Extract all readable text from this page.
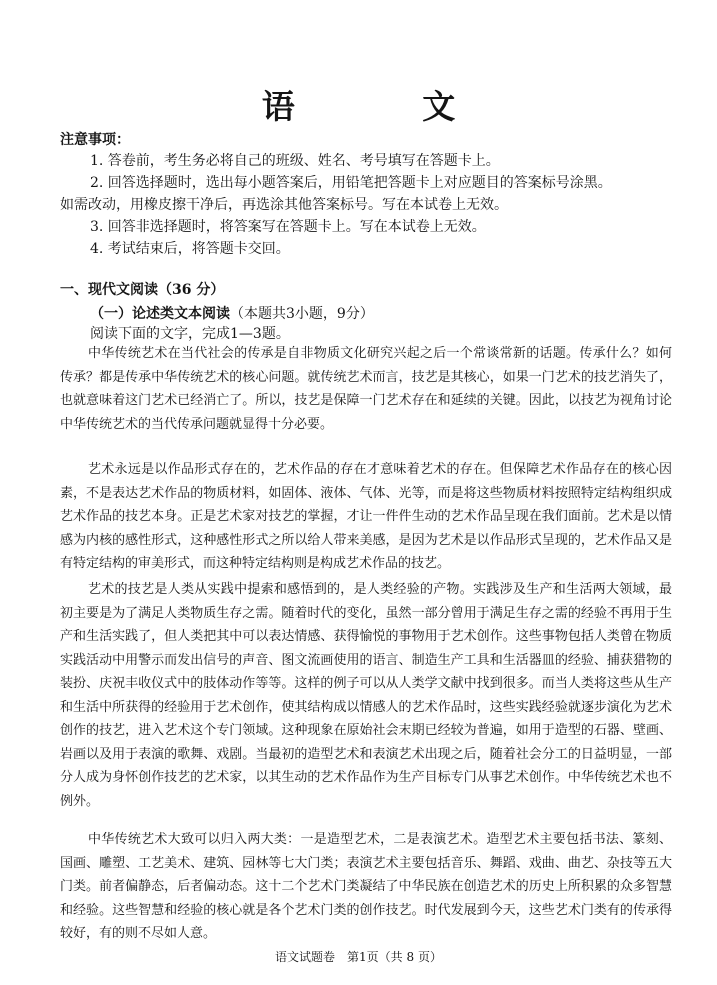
语 文
注意事项：
1. 答卷前，考生务必将自己的班级、姓名、考号填写在答题卡上。
2. 回答选择题时，选出每小题答案后，用铅笔把答题卡上对应题目的答案标号涂黑。
如需改动，用橡皮擦干净后，再选涂其他答案标号。写在本试卷上无效。
3. 回答非选择题时，将答案写在答题卡上。写在本试卷上无效。
4. 考试结束后，将答题卡交回。
一、现代文阅读（36 分）
（一）论述类文本阅读（本题共3小题，9分）
阅读下面的文字，完成1—3题。

中华传统艺术在当代社会的传承是自非物质文化研究兴起之后一个常谈常新的话题。传承什么？如何传承？都是传承中华传统艺术的核心问题。就传统艺术而言，技艺是其核心，如果一门艺术的技艺消失了，也就意味着这门艺术已经消亡了。所以，技艺是保障一门艺术存在和延续的关键。因此，以技艺为视角讨论中华传统艺术的当代传承问题就显得十分必要。

艺术永远是以作品形式存在的，艺术作品的存在才意味着艺术的存在。但保障艺术作品存在的核心因素，不是表达艺术作品的物质材料，如固体、液体、气体、光等，而是将这些物质材料按照特定结构组织成艺术作品的技艺本身。正是艺术家对技艺的掌握，才让一件件生动的艺术作品呈现在我们面前。艺术是以情感为内核的感性形式，这种感性形式之所以给人带来美感，是因为艺术是以作品形式呈现的，艺术作品又是有特定结构的审美形式，而这种特定结构则是构成艺术作品的技艺。

艺术的技艺是人类从实践中提索和感悟到的，是人类经验的产物。实践涉及生产和生活两大领域，最初主要是为了满足人类物质生存之需。随着时代的变化，虽然一部分曾用于满足生存之需的经验不再用于生产和生活实践了，但人类把其中可以表达情感、获得愉悦的事物用于艺术创作。这些事物包括人类曾在物质实践活动中用警示而发出信号的声音、图文流画使用的语言、制造生产工具和生活器皿的经验、捕获猎物的装扮、庆祝丰收仪式中的肢体动作等等。这样的例子可以从人类学文献中找到很多。而当人类将这些从生产和生活中所获得的经验用于艺术创作，使其结构成以情感人的艺术作品时，这些实践经验就逐步演化为艺术创作的技艺，进入艺术这个专门领域。这种现象在原始社会末期已经较为普遍，如用于造型的石器、壁画、岩画以及用于表演的歌舞、戏剧。当最初的造型艺术和表演艺术出现之后，随着社会分工的日益明显，一部分人成为身怀创作技艺的艺术家，以其生动的艺术作品作为生产目标专门从事艺术创作。中华传统艺术也不例外。

中华传统艺术大致可以归入两大类：一是造型艺术，二是表演艺术。造型艺术主要包括书法、篆刻、国画、雕塑、工艺美术、建筑、园林等七大门类；表演艺术主要包括音乐、舞蹈、戏曲、曲艺、杂技等五大门类。前者偏静态，后者偏动态。这十二个艺术门类凝结了中华民族在创造艺术的历史上所积累的众多智慧和经验。这些智慧和经验的核心就是各个艺术门类的创作技艺。时代发展到今天，这些艺术门类有的传承得较好，有的则不尽如人意。

语文试题卷　第1页（共 8 页）
